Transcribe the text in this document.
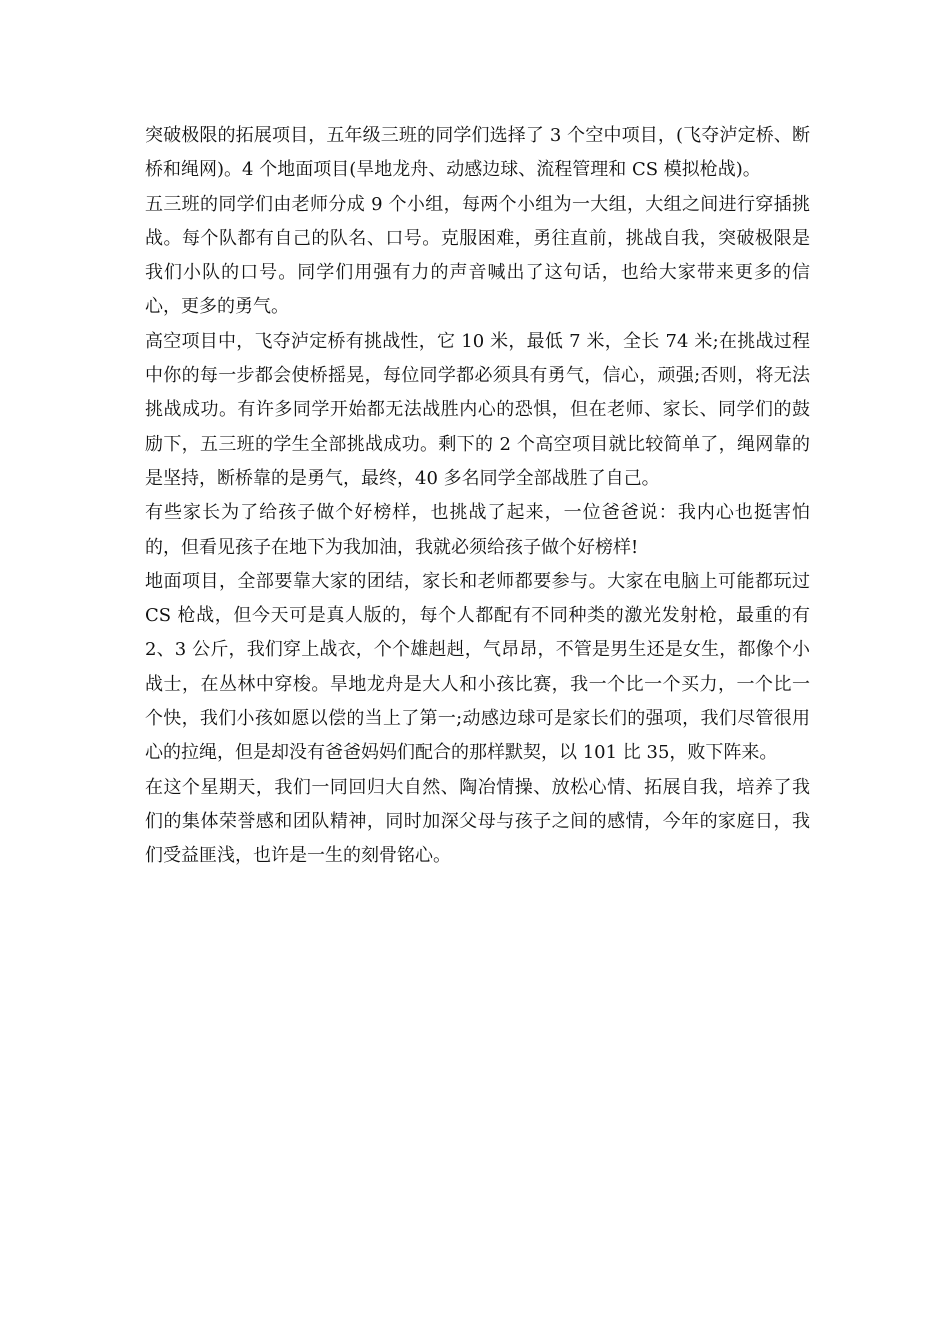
突破极限的拓展项目，五年级三班的同学们选择了 3 个空中项目，(飞夺泸定桥、断桥和绳网)。4 个地面项目(旱地龙舟、动感边球、流程管理和 CS 模拟枪战)。

五三班的同学们由老师分成 9 个小组，每两个小组为一大组，大组之间进行穿插挑战。每个队都有自己的队名、口号。克服困难，勇往直前，挑战自我，突破极限是我们小队的口号。同学们用强有力的声音喊出了这句话，也给大家带来更多的信心，更多的勇气。

高空项目中，飞夺泸定桥有挑战性，它 10 米，最低 7 米，全长 74 米;在挑战过程中你的每一步都会使桥摇晃，每位同学都必须具有勇气，信心，顽强;否则，将无法挑战成功。有许多同学开始都无法战胜内心的恐惧，但在老师、家长、同学们的鼓励下，五三班的学生全部挑战成功。剩下的 2 个高空项目就比较简单了，绳网靠的是坚持，断桥靠的是勇气，最终，40 多名同学全部战胜了自己。

有些家长为了给孩子做个好榜样，也挑战了起来，一位爸爸说：我内心也挺害怕的，但看见孩子在地下为我加油，我就必须给孩子做个好榜样!

地面项目，全部要靠大家的团结，家长和老师都要参与。大家在电脑上可能都玩过 CS 枪战，但今天可是真人版的，每个人都配有不同种类的激光发射枪，最重的有 2、3 公斤，我们穿上战衣，个个雄赳赳，气昂昂，不管是男生还是女生，都像个小战士，在丛林中穿梭。旱地龙舟是大人和小孩比赛，我一个比一个买力，一个比一个快，我们小孩如愿以偿的当上了第一;动感边球可是家长们的强项，我们尽管很用心的拉绳，但是却没有爸爸妈妈们配合的那样默契，以 101 比 35，败下阵来。

在这个星期天，我们一同回归大自然、陶冶情操、放松心情、拓展自我，培养了我们的集体荣誉感和团队精神，同时加深父母与孩子之间的感情，今年的家庭日，我们受益匪浅，也许是一生的刻骨铭心。
